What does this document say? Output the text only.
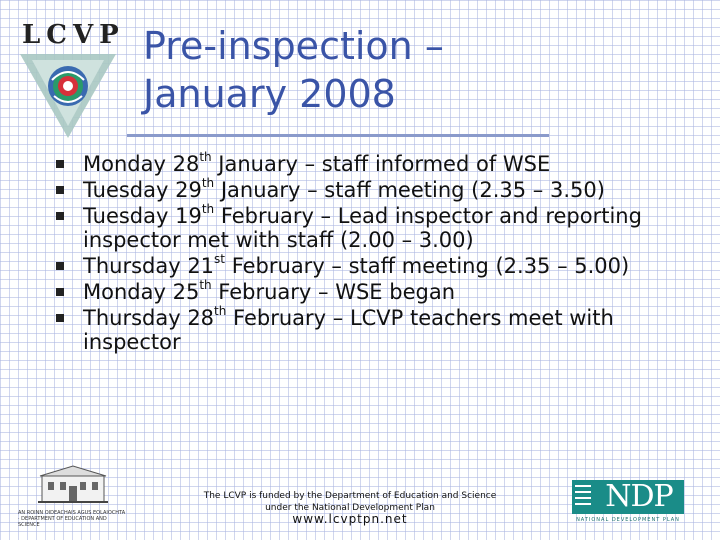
LCVP Pre-inspection – January 2008
Monday 28th January – staff informed of WSE
Tuesday 29th January – staff meeting (2.35 – 3.50)
Tuesday 19th February – Lead inspector and reporting inspector met with staff (2.00 – 3.00)
Thursday 21st February – staff meeting (2.35 – 5.00)
Monday 25th February – WSE began
Thursday 28th February – LCVP teachers meet with inspector
AN ROINN OIDEACHAIS AGUS EOLAIOCHTA · DEPARTMENT OF EDUCATION AND SCIENCE
The LCVP is funded by the Department of Education and Science
under the National Development Plan
www.lcvptpn.net
NDP
NATIONAL DEVELOPMENT PLAN
